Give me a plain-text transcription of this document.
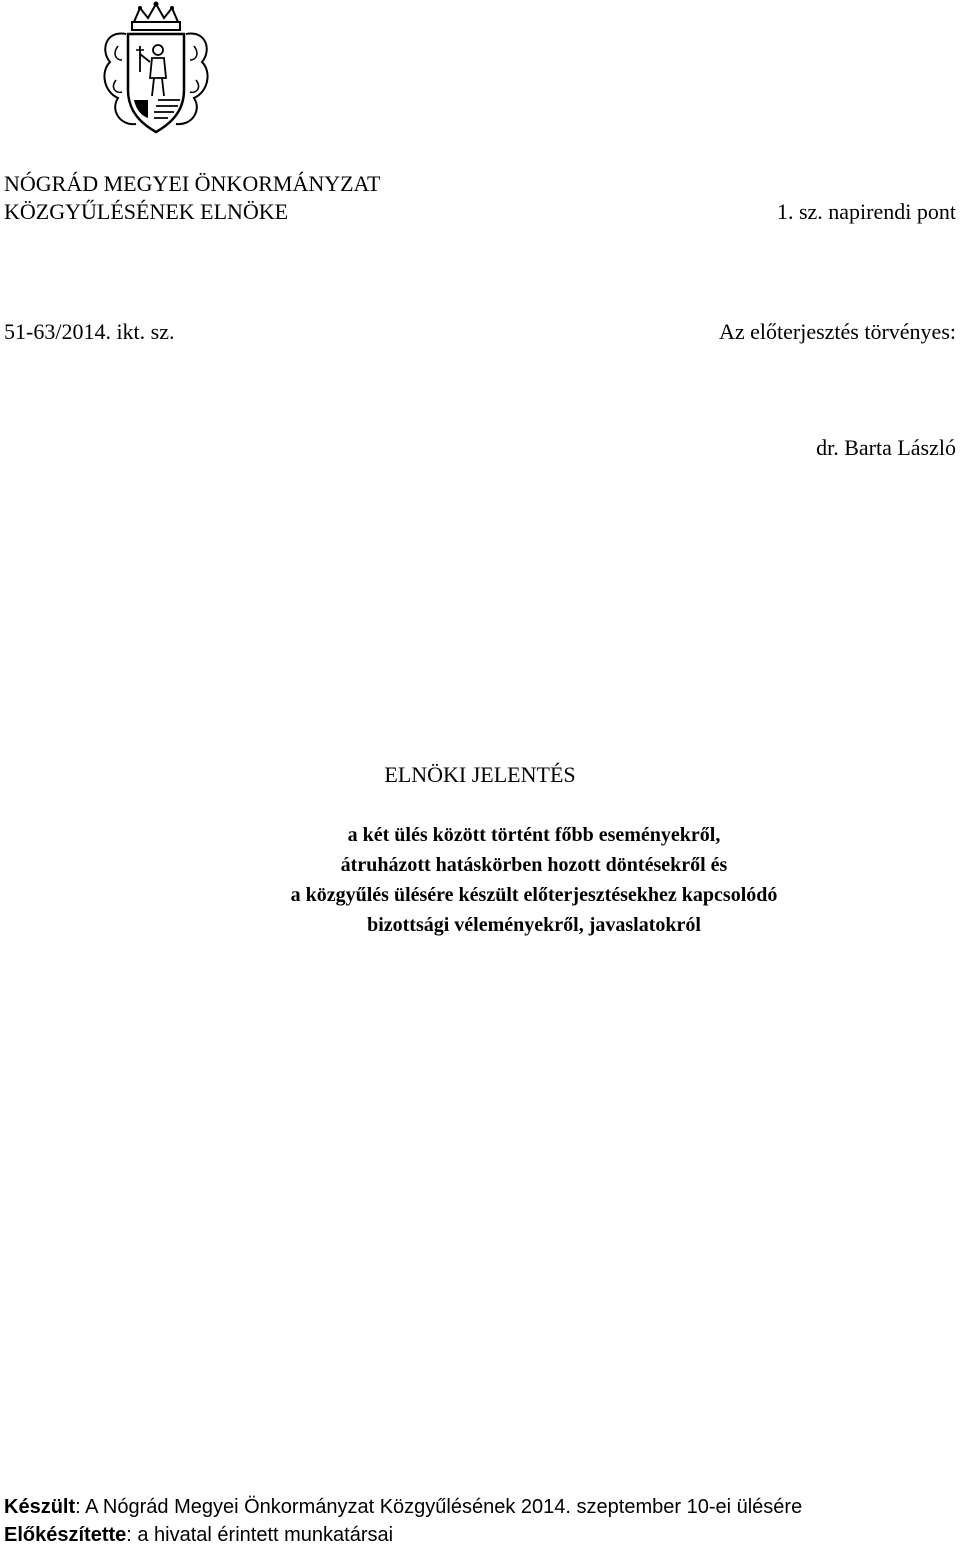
NÓGRÁD MEGYEI ÖNKORMÁNYZAT
KÖZGYŰLÉSÉNEK ELNÖKE	1. sz. napirendi pont
51-63/2014. ikt. sz.	Az előterjesztés törvényes:
dr. Barta László
ELNÖKI JELENTÉS
a két ülés között történt főbb eseményekről,
átruházott hatáskörben hozott döntésekről és
a közgyűlés ülésére készült előterjesztésekhez kapcsolódó
bizottsági véleményekről, javaslatokról
Készült: A Nógrád Megyei Önkormányzat Közgyűlésének 2014. szeptember 10-ei ülésére
Előkészítette: a hivatal érintett munkatársai
